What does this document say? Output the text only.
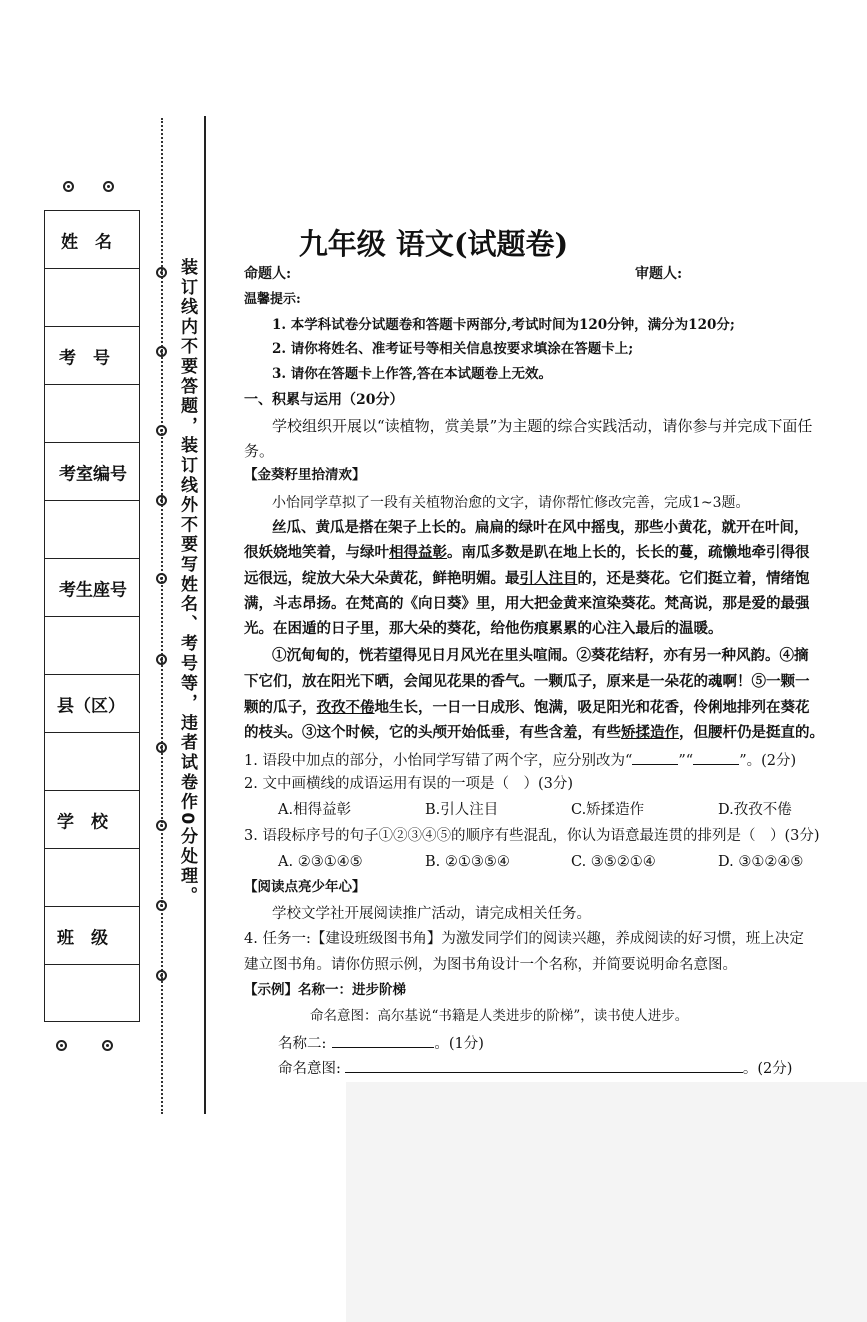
姓　名
考　号
考室编号
考生座号
县（区）
学　校
班　级
装订线内不要答题，装订线外不要写姓名、考号等，违者试卷作0分处理。
九年级 语文(试题卷)
命题人:	审题人:
温馨提示:
1. 本学科试卷分试题卷和答题卡两部分,考试时间为120分钟，满分为120分;
2. 请你将姓名、准考证号等相关信息按要求填涂在答题卡上;
3. 请你在答题卡上作答,答在本试题卷上无效。
一、积累与运用（20分）
学校组织开展以“读植物，赏美景”为主题的综合实践活动，请你参与并完成下面任
务。
【金葵籽里拾清欢】
小怡同学草拟了一段有关植物治愈的文字，请你帮忙修改完善，完成1~3题。
丝瓜、黄瓜是搭在架子上长的。扁扁的绿叶在风中摇曳，那些小黄花，就开在叶间，
很妖娆地笑着，与绿叶相得益彰。南瓜多数是趴在地上长的，长长的蔓，疏懒地牵引得很
远很远，绽放大朵大朵黄花，鲜艳明媚。最引人注目的，还是葵花。它们挺立着，情绪饱
满，斗志昂扬。在梵高的《向日葵》里，用大把金黄来渲染葵花。梵高说，那是爱的最强
光。在困遁的日子里，那大朵的葵花，给他伤痕累累的心注入最后的温暖。
①沉甸甸的，恍若望得见日月风光在里头喧闹。②葵花结籽，亦有另一种风韵。④摘
下它们，放在阳光下晒，会闻见花果的香气。一颗瓜子，原来是一朵花的魂啊！⑤一颗一
颗的瓜子，孜孜不倦地生长，一日一日成形、饱满，吸足阳光和花香，伶俐地排列在葵花
的枝头。③这个时候，它的头颅开始低垂，有些含羞，有些矫揉造作，但腰杆仍是挺直的。
1. 语段中加点的部分，小怡同学写错了两个字，应分别改为“	”“	”。(2分)
2. 文中画横线的成语运用有误的一项是（　）(3分)
A.相得益彰	B.引人注目	C.矫揉造作	D.孜孜不倦
3. 语段标序号的句子①②③④⑤的顺序有些混乱，你认为语意最连贯的排列是（　）(3分)
A. ②③①④⑤	B. ②①③⑤④	C. ③⑤②①④	D. ③①②④⑤
【阅读点亮少年心】
学校文学社开展阅读推广活动，请完成相关任务。
4. 任务一:【建设班级图书角】为激发同学们的阅读兴趣，养成阅读的好习惯，班上决定
建立图书角。请你仿照示例，为图书角设计一个名称，并简要说明命名意图。
【示例】名称一：进步阶梯
命名意图：高尔基说“书籍是人类进步的阶梯”，读书使人进步。
名称二:	。(1分)
命名意图:	。(2分)
